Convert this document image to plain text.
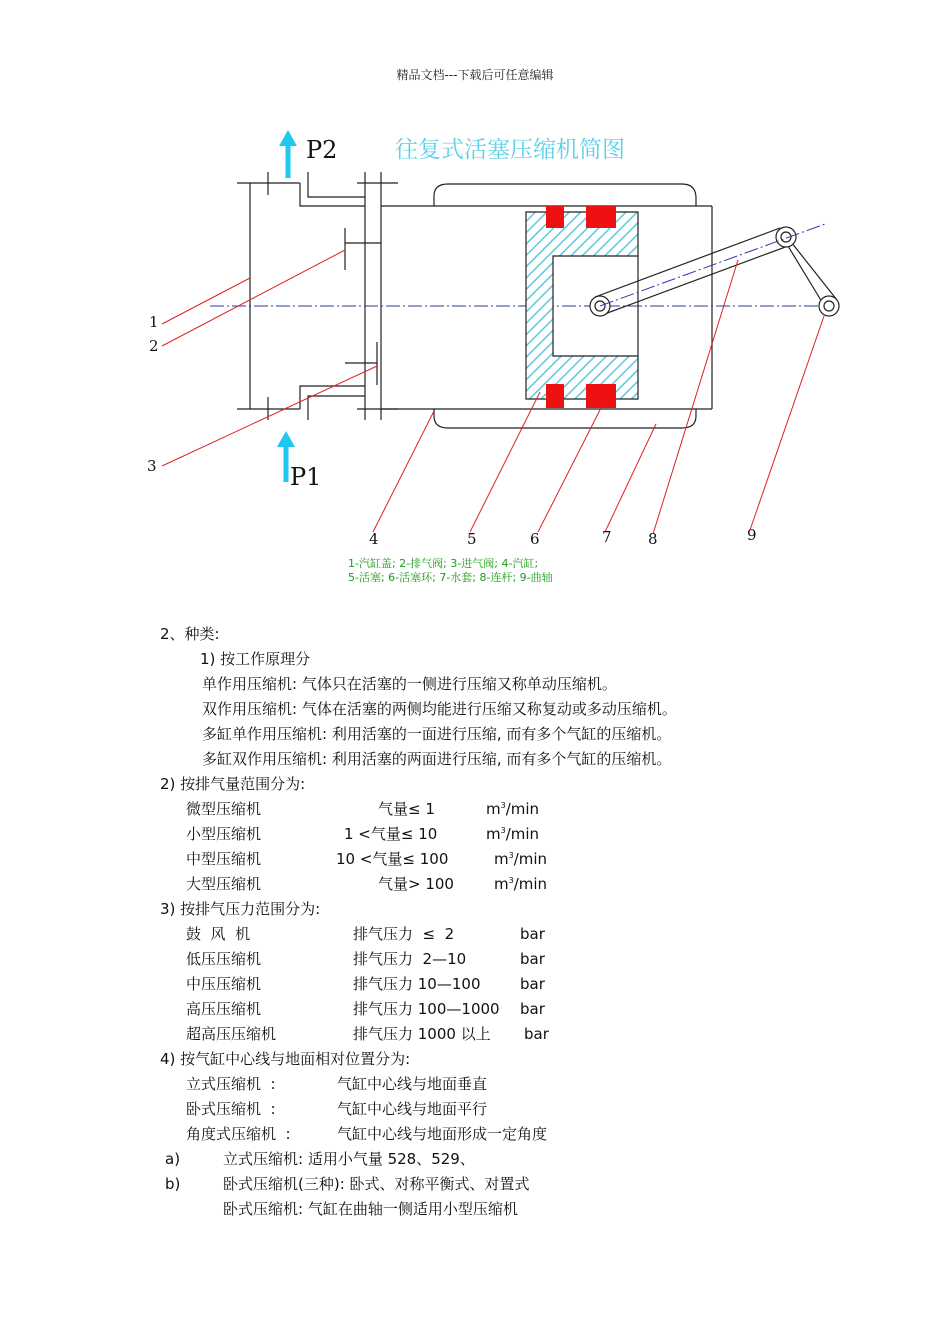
精品文档---下载后可任意编辑
往复式活塞压缩机简图
P2
P1
1
2
3
4	5	6	7 8	9
1-汽缸盖; 2-排气阀; 3-进气阀; 4-汽缸;
5-活塞; 6-活塞环; 7-水套; 8-连杆; 9-曲轴
2、种类:
1) 按工作原理分
单作用压缩机: 气体只在活塞的一侧进行压缩又称单动压缩机。
双作用压缩机: 气体在活塞的两侧均能进行压缩又称复动或多动压缩机。
多缸单作用压缩机: 利用活塞的一面进行压缩, 而有多个气缸的压缩机。
多缸双作用压缩机: 利用活塞的两面进行压缩, 而有多个气缸的压缩机。
2) 按排气量范围分为:
微型压缩机	气量≤ 1	$m^3/\min$
小型压缩机	1 <气量≤ 10	$m^3/\min$
中型压缩机	10 <气量≤ 100	$m^3/\min$
大型压缩机	气量> 100	$m^3/\min$
3) 按排气压力范围分为:
鼓  风  机	排气压力  ≤  2	bar
低压压缩机	排气压力  2—10	bar
中压压缩机	排气压力 10—100	bar
高压压缩机	排气压力 100—1000 bar
超高压压缩机	排气压力 1000 以上 bar
4) 按气缸中心线与地面相对位置分为:
立式压缩机  :	气缸中心线与地面垂直
卧式压缩机  :	气缸中心线与地面平行
角度式压缩机  :	气缸中心线与地面形成一定角度
a)	立式压缩机: 适用小气量 528、529、
b)	卧式压缩机(三种): 卧式、对称平衡式、对置式
卧式压缩机: 气缸在曲轴一侧适用小型压缩机
